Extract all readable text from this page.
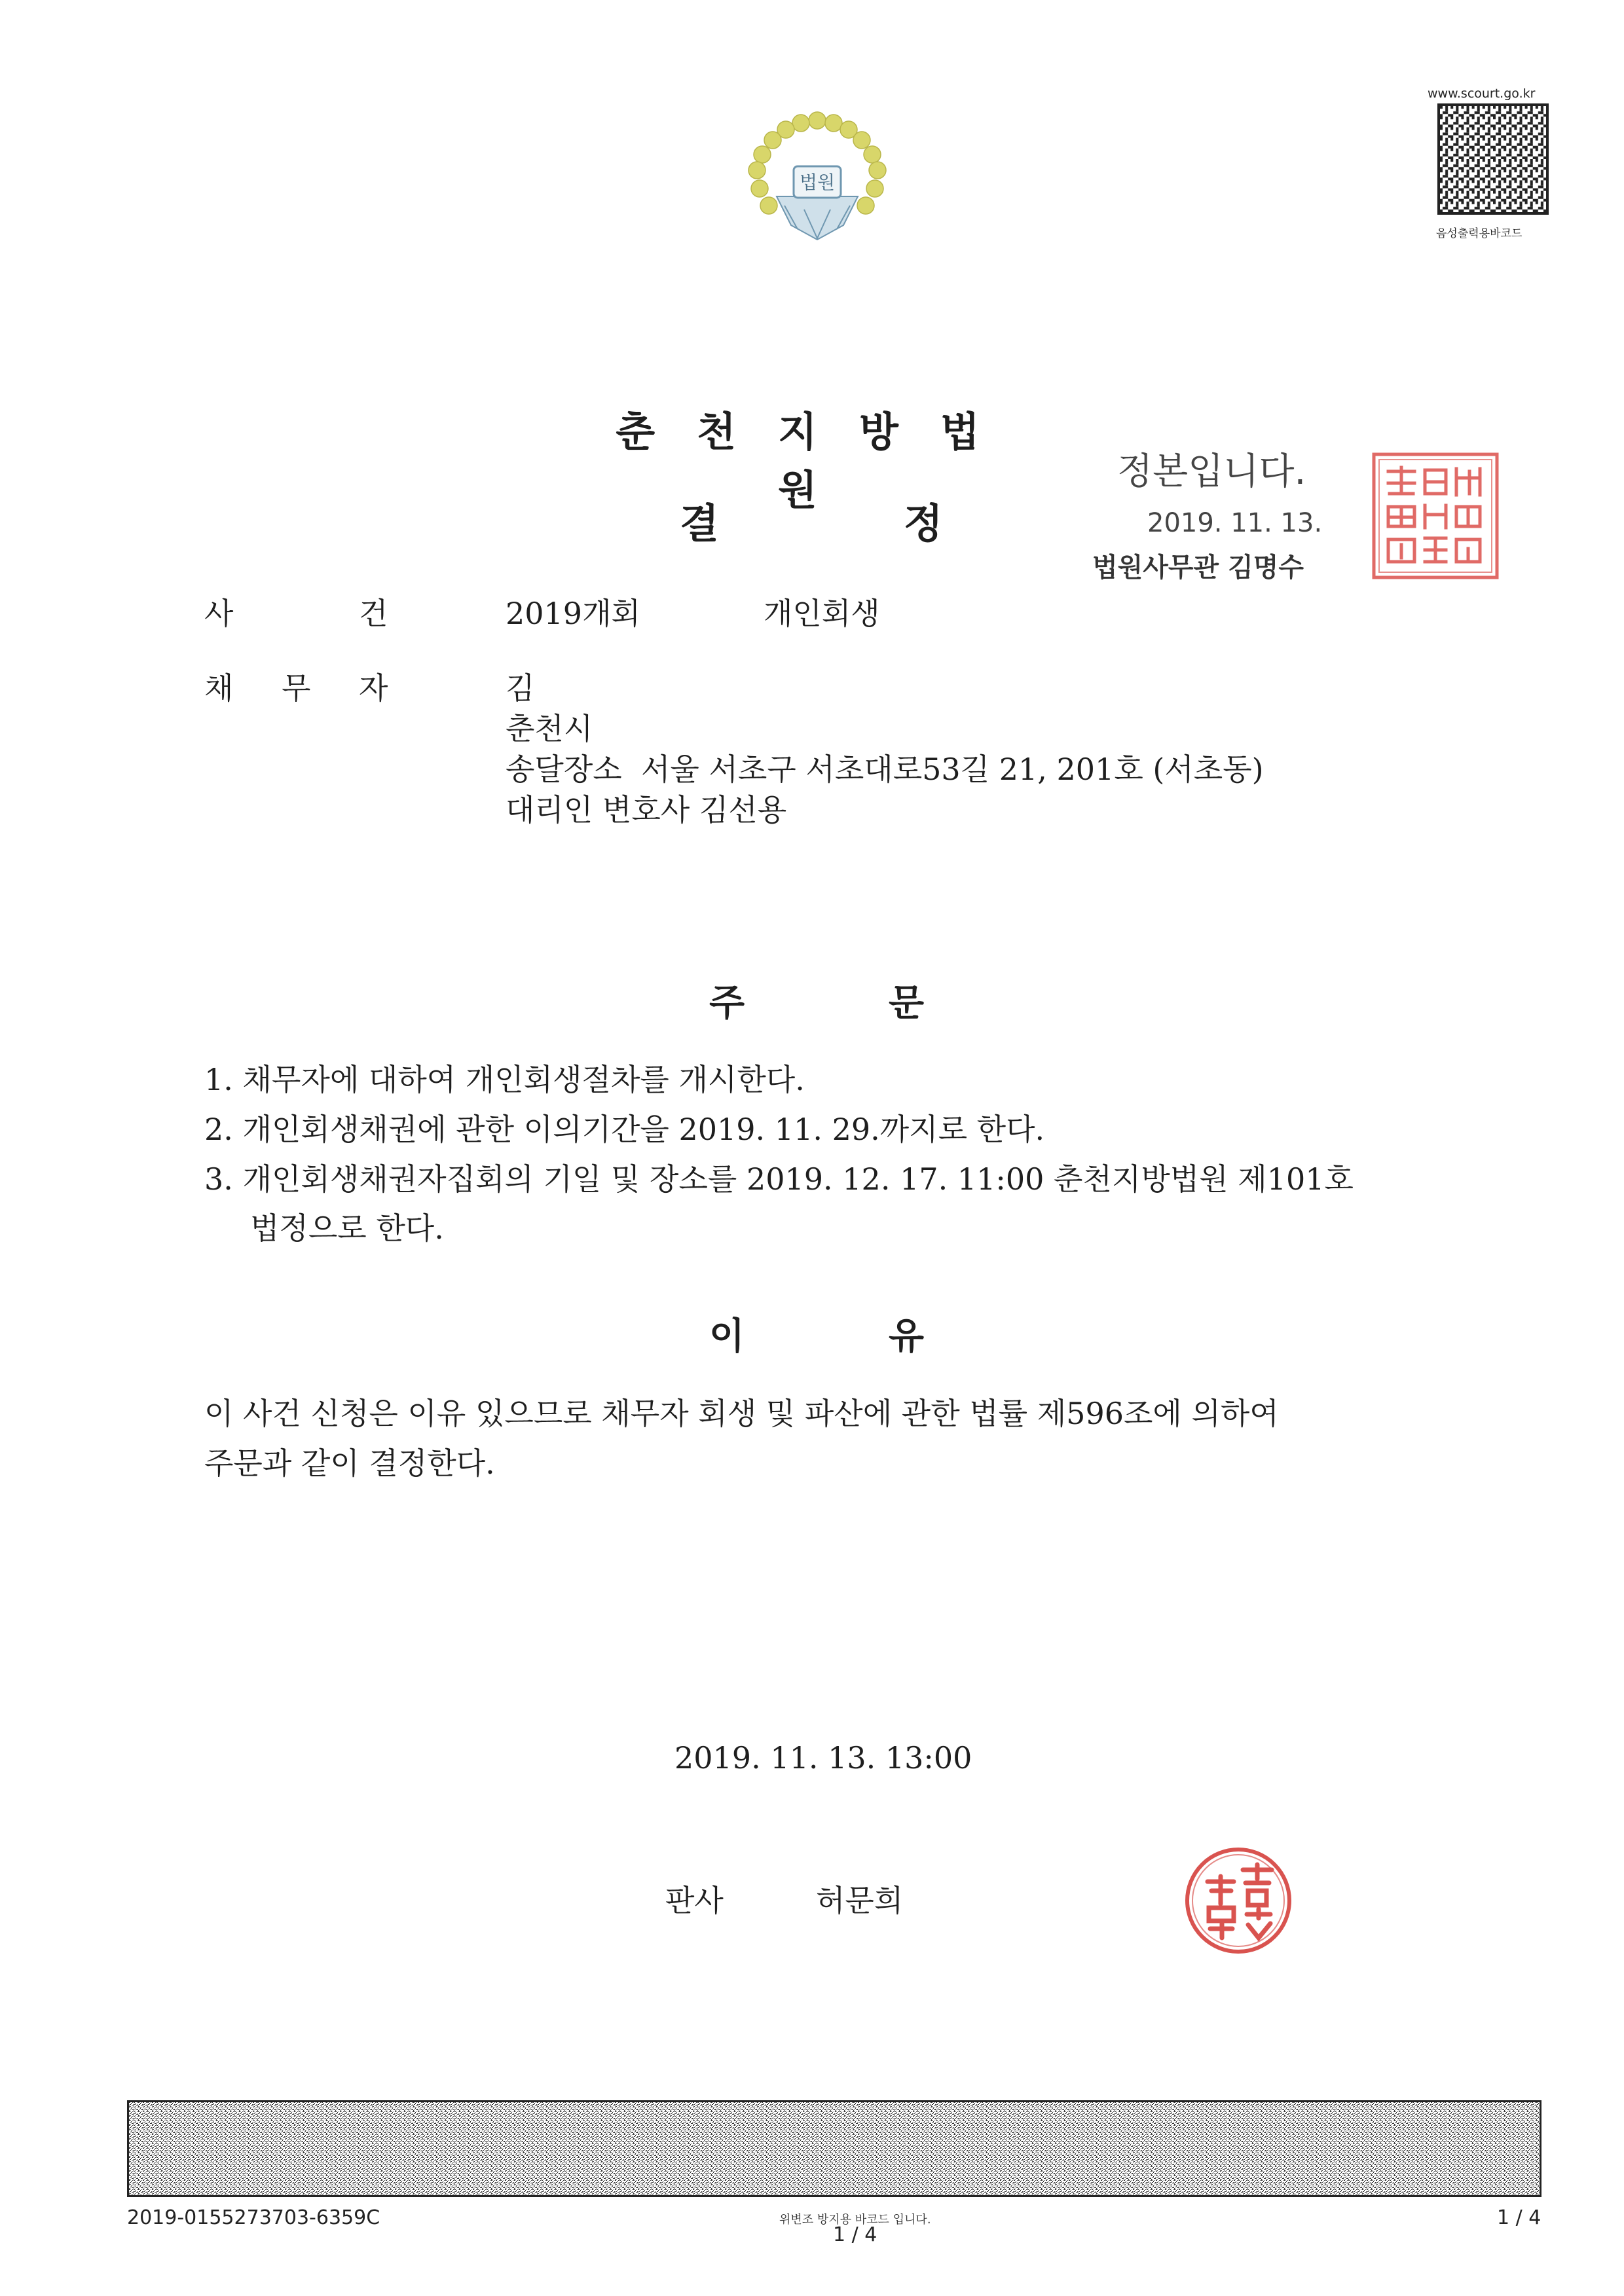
법원
www.scourt.go.kr
음성출력용바코드
춘천지방법원
결	정
정본입니다.
2019. 11. 13.
법원사무관 김명수
사	건	2019개회	개인회생
채 무 자	김
춘천시
송달장소  서울 서초구 서초대로53길 21, 201호 (서초동)
대리인 변호사 김선용
주	문
1. 채무자에 대하여 개인회생절차를 개시한다.
2. 개인회생채권에 관한 이의기간을 2019. 11. 29.까지로 한다.
3. 개인회생채권자집회의 기일 및 장소를 2019. 12. 17. 11:00 춘천지방법원 제101호
법정으로 한다.
이	유
이 사건 신청은 이유 있으므로 채무자 회생 및 파산에 관한 법률 제596조에 의하여
주문과 같이 결정한다.
2019. 11. 13. 13:00
판사	허문희
2019-0155273703-6359C	위변조 방지용 바코드 입니다.
1 / 4
1 / 4
